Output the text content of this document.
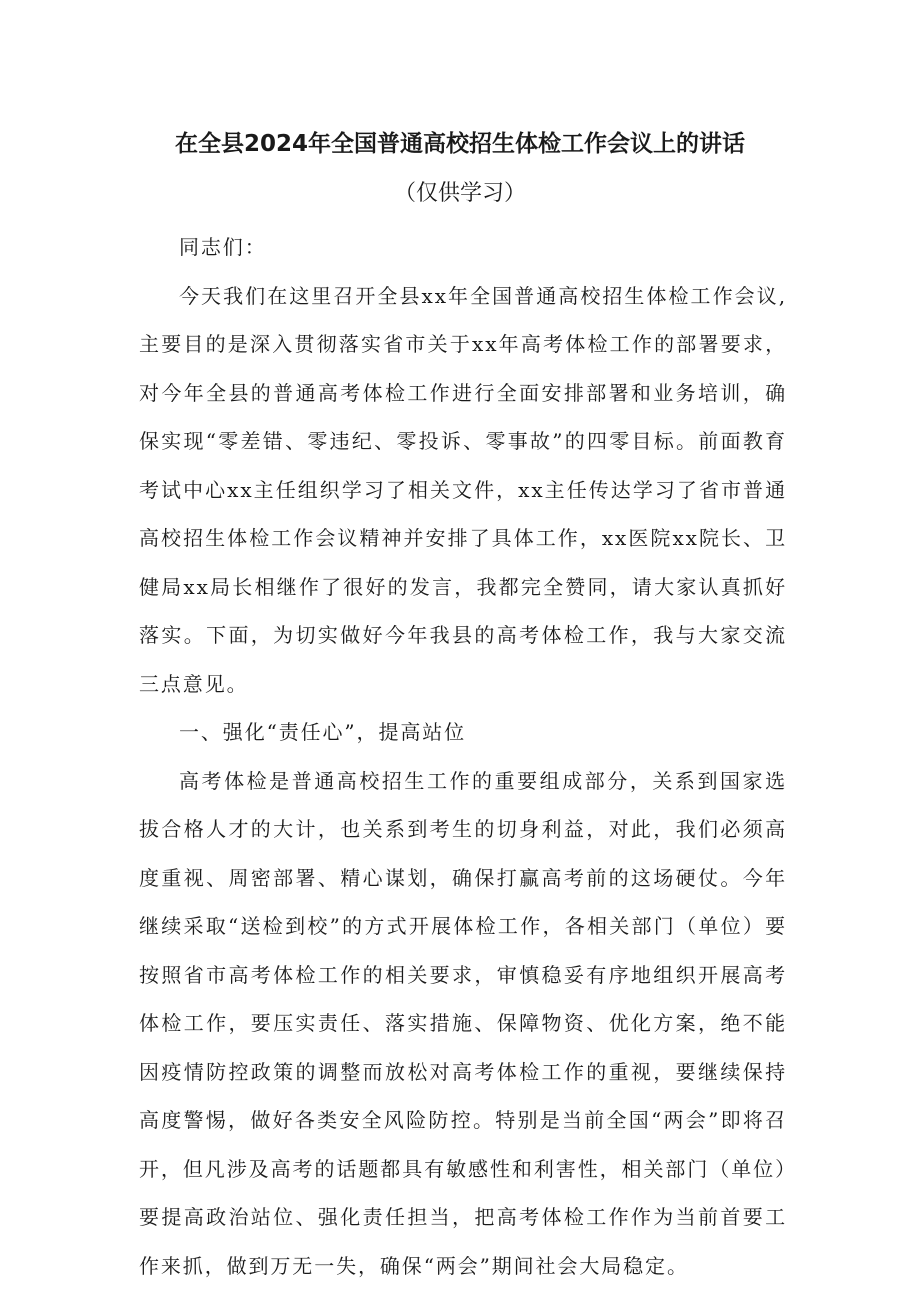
在全县2024年全国普通高校招生体检工作会议上的讲话
（仅供学习）

同志们：

今天我们在这里召开全县xx年全国普通高校招生体检工作会议,主要目的是深入贯彻落实省市关于xx年高考体检工作的部署要求，对今年全县的普通高考体检工作进行全面安排部署和业务培训，确保实现“零差错、零违纪、零投诉、零事故”的四零目标。前面教育考试中心xx主任组织学习了相关文件，xx主任传达学习了省市普通高校招生体检工作会议精神并安排了具体工作，xx医院xx院长、卫健局xx局长相继作了很好的发言，我都完全赞同，请大家认真抓好落实。下面，为切实做好今年我县的高考体检工作，我与大家交流三点意见。

一、强化“责任心”，提高站位

高考体检是普通高校招生工作的重要组成部分，关系到国家选拔合格人才的大计，也关系到考生的切身利益，对此，我们必须高度重视、周密部署、精心谋划，确保打赢高考前的这场硬仗。今年继续采取“送检到校”的方式开展体检工作，各相关部门（单位）要按照省市高考体检工作的相关要求，审慎稳妥有序地组织开展高考体检工作，要压实责任、落实措施、保障物资、优化方案，绝不能因疫情防控政策的调整而放松对高考体检工作的重视，要继续保持高度警惕，做好各类安全风险防控。特别是当前全国“两会”即将召开，但凡涉及高考的话题都具有敏感性和利害性，相关部门（单位）要提高政治站位、强化责任担当，把高考体检工作作为当前首要工作来抓，做到万无一失，确保“两会”期间社会大局稳定。
